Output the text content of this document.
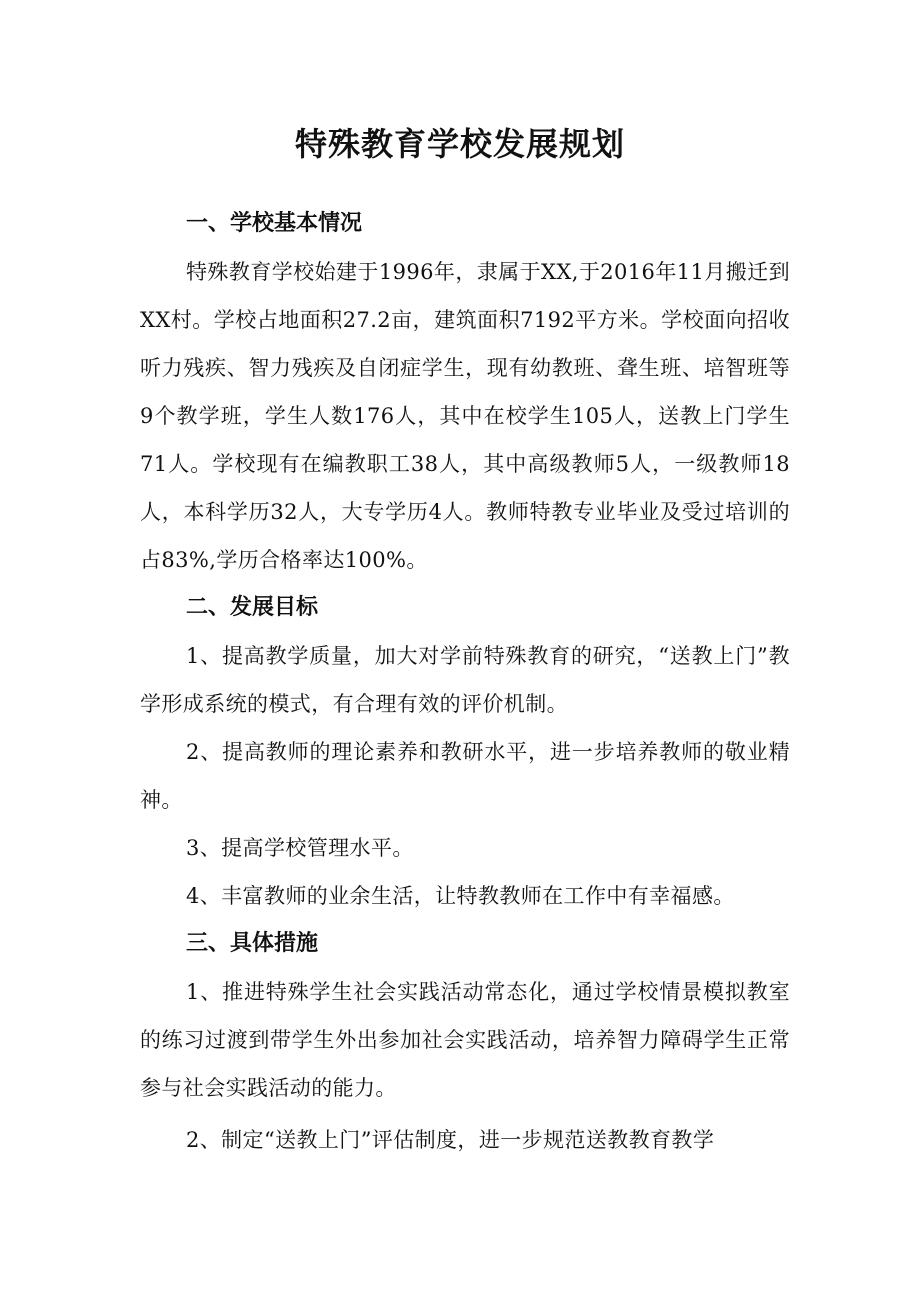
特殊教育学校发展规划
一、学校基本情况

特殊教育学校始建于1996年，隶属于XX,于2016年11月搬迁到XX村。学校占地面积27.2亩，建筑面积7192平方米。学校面向招收听力残疾、智力残疾及自闭症学生，现有幼教班、聋生班、培智班等9个教学班，学生人数176人，其中在校学生105人，送教上门学生71人。学校现有在编教职工38人，其中高级教师5人，一级教师18人，本科学历32人，大专学历4人。教师特教专业毕业及受过培训的占83%,学历合格率达100%。

二、发展目标

1、提高教学质量，加大对学前特殊教育的研究，“送教上门”教学形成系统的模式，有合理有效的评价机制。

2、提高教师的理论素养和教研水平，进一步培养教师的敬业精神。

3、提高学校管理水平。

4、丰富教师的业余生活，让特教教师在工作中有幸福感。

三、具体措施

1、推进特殊学生社会实践活动常态化，通过学校情景模拟教室的练习过渡到带学生外出参加社会实践活动，培养智力障碍学生正常参与社会实践活动的能力。

2、制定“送教上门”评估制度，进一步规范送教教育教学
